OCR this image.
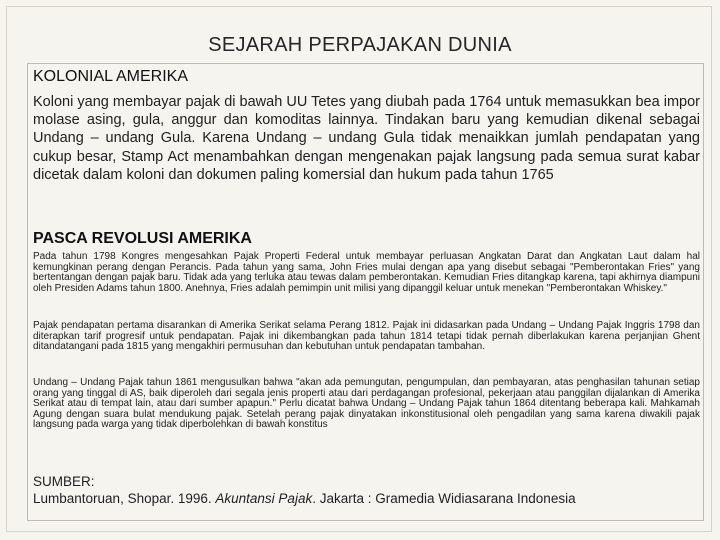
SEJARAH PERPAJAKAN DUNIA
KOLONIAL AMERIKA

Koloni yang membayar pajak di bawah UU Tetes yang diubah pada 1764 untuk memasukkan bea impor molase asing, gula, anggur dan komoditas lainnya. Tindakan baru yang kemudian dikenal sebagai Undang – undang Gula. Karena Undang – undang Gula tidak menaikkan jumlah pendapatan yang cukup besar, Stamp Act menambahkan dengan mengenakan pajak langsung pada semua surat kabar dicetak dalam koloni dan dokumen paling komersial dan hukum pada tahun 1765

PASCA REVOLUSI AMERIKA

Pada tahun 1798 Kongres mengesahkan Pajak Properti Federal untuk membayar perluasan Angkatan Darat dan Angkatan Laut dalam hal kemungkinan perang dengan Perancis. Pada tahun yang sama, John Fries mulai dengan apa yang disebut sebagai "Pemberontakan Fries" yang bertentangan dengan pajak baru. Tidak ada yang terluka atau tewas dalam pemberontakan. Kemudian Fries ditangkap karena, tapi akhirnya diampuni oleh Presiden Adams tahun 1800. Anehnya, Fries adalah pemimpin unit milisi yang dipanggil keluar untuk menekan "Pemberontakan Whiskey."

Pajak pendapatan pertama disarankan di Amerika Serikat selama Perang 1812. Pajak ini didasarkan pada Undang – Undang Pajak Inggris 1798 dan diterapkan tarif progresif untuk pendapatan. Pajak ini dikembangkan pada tahun 1814 tetapi tidak pernah diberlakukan karena perjanjian Ghent ditandatangani pada 1815 yang mengakhiri permusuhan dan kebutuhan untuk pendapatan tambahan.

Undang – Undang Pajak tahun 1861 mengusulkan bahwa "akan ada pemungutan, pengumpulan, dan pembayaran, atas penghasilan tahunan setiap orang yang tinggal di AS, baik diperoleh dari segala jenis properti atau dari perdagangan profesional, pekerjaan atau panggilan dijalankan di Amerika Serikat atau di tempat lain, atau dari sumber apapun." Perlu dicatat bahwa Undang – Undang Pajak tahun 1864 ditentang beberapa kali. Mahkamah Agung dengan suara bulat mendukung pajak. Setelah perang pajak dinyatakan inkonstitusional oleh pengadilan yang sama karena diwakili pajak langsung pada warga yang tidak diperbolehkan di bawah konstitus

SUMBER:
Lumbantoruan, Shopar. 1996. Akuntansi Pajak. Jakarta : Gramedia Widiasarana Indonesia
